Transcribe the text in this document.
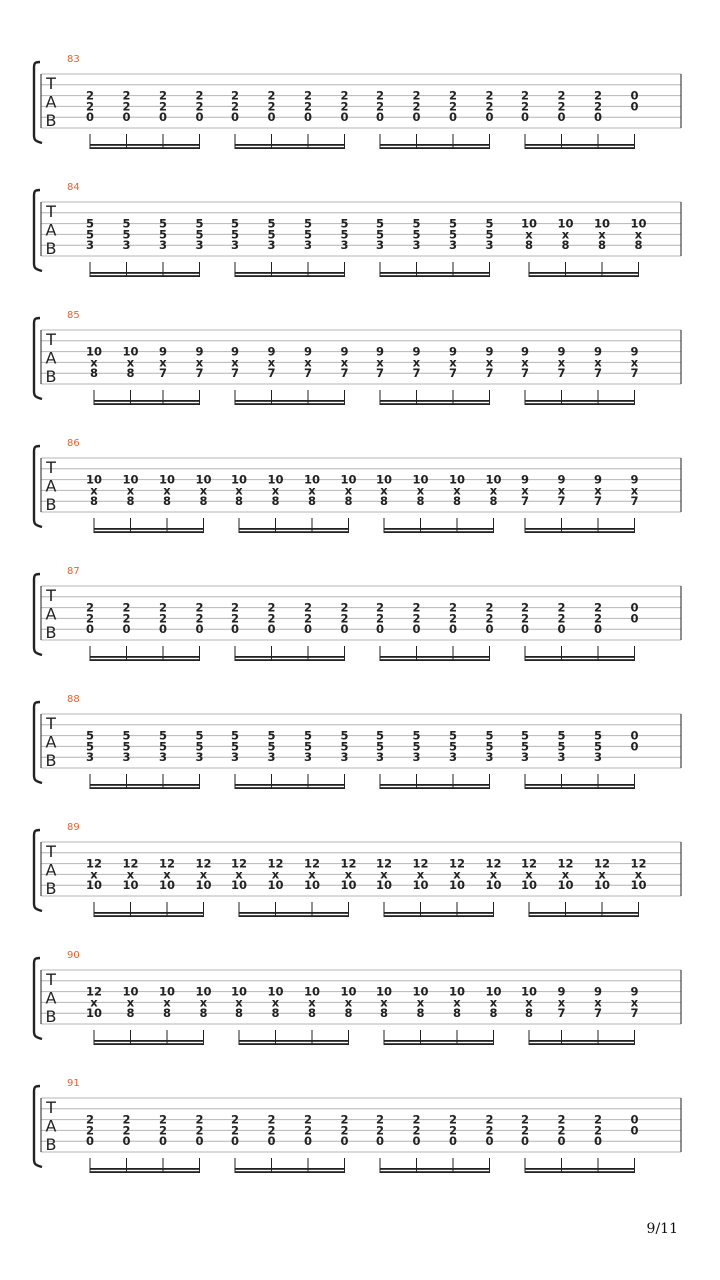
83
T
A
B
2
2
0
2
2
0
2
2
0
2
2
0
2
2
0
2
2
0
2
2
0
2
2
0
2
2
0
2
2
0
2
2
0
2
2
0
2
2
0
2
2
0
2
2
0
0
0
84
T
A
B
5
5
3
5
5
3
5
5
3
5
5
3
5
5
3
5
5
3
5
5
3
5
5
3
5
5
3
5
5
3
5
5
3
5
5
3
10
x
8
10
x
8
10
x
8
10
x
8
85
T
A
B
10
x
8
10
x
8
9
x
7
9
x
7
9
x
7
9
x
7
9
x
7
9
x
7
9
x
7
9
x
7
9
x
7
9
x
7
9
x
7
9
x
7
9
x
7
9
x
7
86
T
A
B
10
x
8
10
x
8
10
x
8
10
x
8
10
x
8
10
x
8
10
x
8
10
x
8
10
x
8
10
x
8
10
x
8
10
x
8
9
x
7
9
x
7
9
x
7
9
x
7
87
T
A
B
2
2
0
2
2
0
2
2
0
2
2
0
2
2
0
2
2
0
2
2
0
2
2
0
2
2
0
2
2
0
2
2
0
2
2
0
2
2
0
2
2
0
2
2
0
0
0
88
T
A
B
5
5
3
5
5
3
5
5
3
5
5
3
5
5
3
5
5
3
5
5
3
5
5
3
5
5
3
5
5
3
5
5
3
5
5
3
5
5
3
5
5
3
5
5
3
0
0
89
T
A
B
12
x
10
12
x
10
12
x
10
12
x
10
12
x
10
12
x
10
12
x
10
12
x
10
12
x
10
12
x
10
12
x
10
12
x
10
12
x
10
12
x
10
12
x
10
12
x
10
90
T
A
B
12
x
10
10
x
8
10
x
8
10
x
8
10
x
8
10
x
8
10
x
8
10
x
8
10
x
8
10
x
8
10
x
8
10
x
8
10
x
8
9
x
7
9
x
7
9
x
7
91
T
A
B
2
2
0
2
2
0
2
2
0
2
2
0
2
2
0
2
2
0
2
2
0
2
2
0
2
2
0
2
2
0
2
2
0
2
2
0
2
2
0
2
2
0
2
2
0
0
0
9/11
